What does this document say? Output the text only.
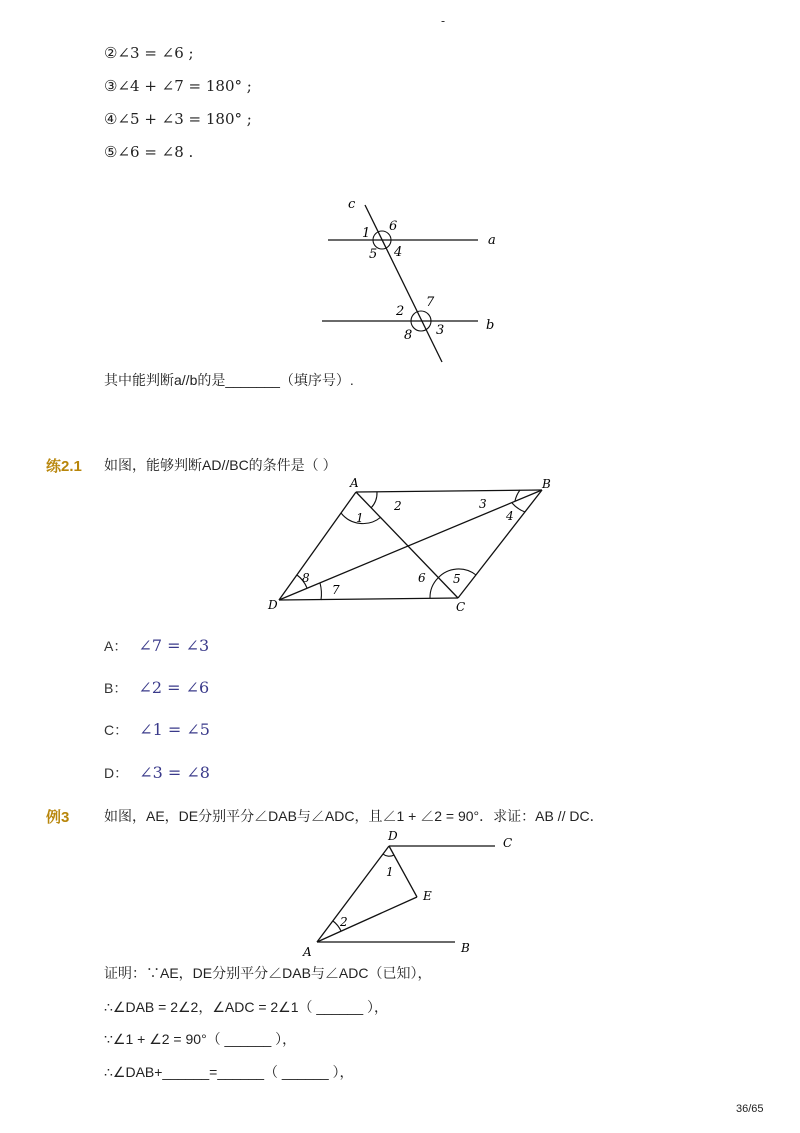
-
②∠3 = ∠6 ;
③∠4 + ∠7 = 180° ;
④∠5 + ∠3 = 180° ;
⑤∠6 = ∠8 .
c
a
b
1 6
5 4
2
7
8 3
其中能判断a//b的是_______（填序号）.
练2.1 如图，能够判断AD//BC的条件是（ ）
A	B
C
D
1
2	3
4
5
6
7
8
A： ∠7 = ∠3
B： ∠2 = ∠6
C： ∠1 = ∠5
D： ∠3 = ∠8
例3 如图，AE，DE分别平分∠DAB与∠ADC，且∠1 + ∠2 = 90°．求证：AB // DC．
D	C
E
A	B
1
2
证明：∵AE，DE分别平分∠DAB与∠ADC（已知），
∴∠DAB = 2∠2，∠ADC = 2∠1（ ______ ），
∵∠1 + ∠2 = 90°（ ______ ），
∴∠DAB+______=______（ ______ ），
36/65
